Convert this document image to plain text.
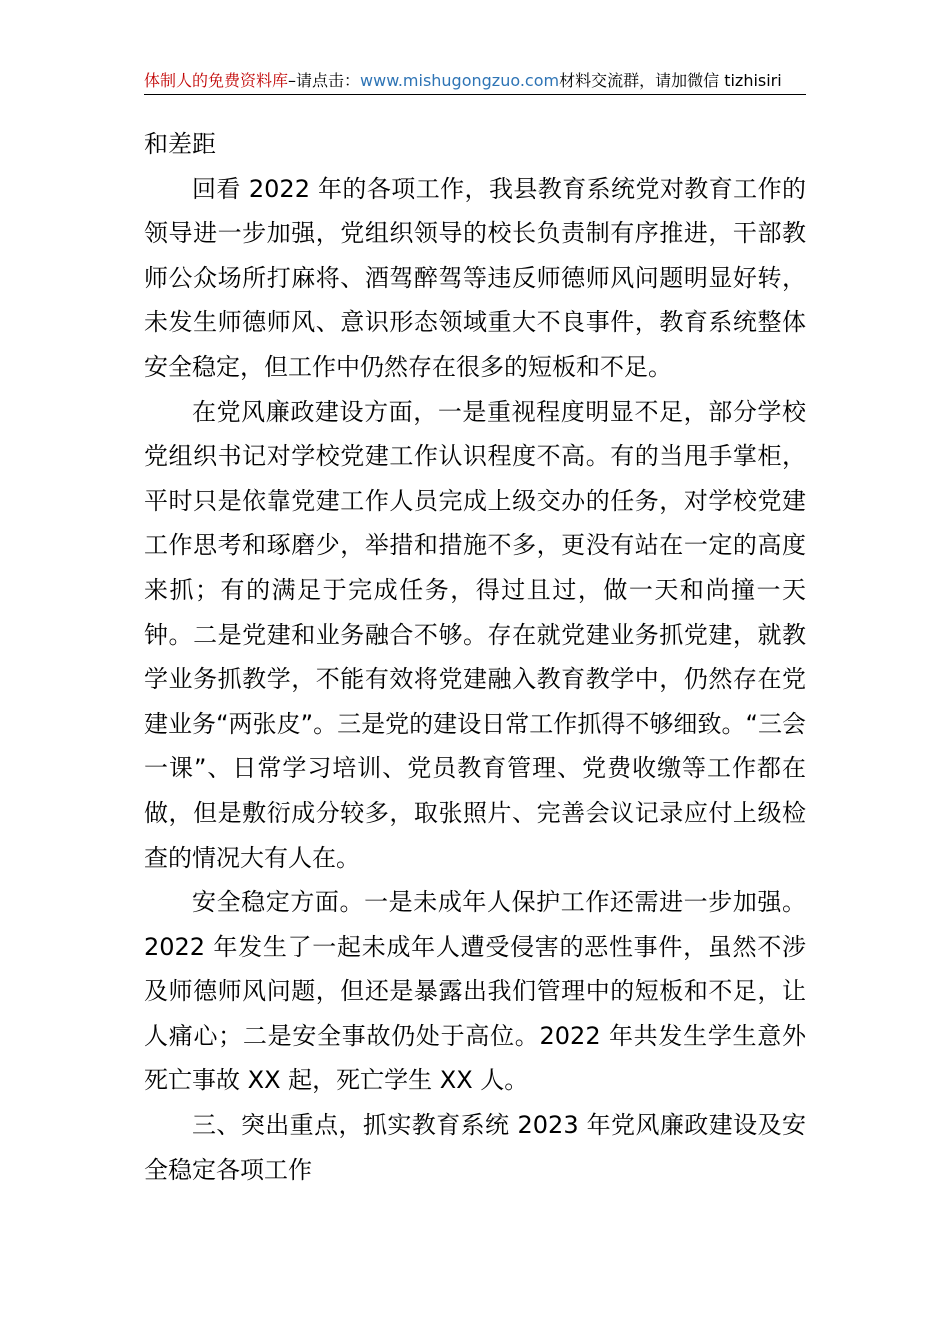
体制人的免费资料库–请点击：www.mishugongzuo.com材料交流群，请加微信 tizhisiri

和差距

回看 2022 年的各项工作，我县教育系统党对教育工作的领导进一步加强，党组织领导的校长负责制有序推进，干部教师公众场所打麻将、酒驾醉驾等违反师德师风问题明显好转，未发生师德师风、意识形态领域重大不良事件，教育系统整体安全稳定，但工作中仍然存在很多的短板和不足。

在党风廉政建设方面，一是重视程度明显不足，部分学校党组织书记对学校党建工作认识程度不高。有的当甩手掌柜，平时只是依靠党建工作人员完成上级交办的任务，对学校党建工作思考和琢磨少，举措和措施不多，更没有站在一定的高度来抓；有的满足于完成任务，得过且过，做一天和尚撞一天钟。二是党建和业务融合不够。存在就党建业务抓党建，就教学业务抓教学，不能有效将党建融入教育教学中，仍然存在党建业务“两张皮”。三是党的建设日常工作抓得不够细致。“三会一课”、日常学习培训、党员教育管理、党费收缴等工作都在做，但是敷衍成分较多，取张照片、完善会议记录应付上级检查的情况大有人在。

安全稳定方面。一是未成年人保护工作还需进一步加强。2022 年发生了一起未成年人遭受侵害的恶性事件，虽然不涉及师德师风问题，但还是暴露出我们管理中的短板和不足，让人痛心；二是安全事故仍处于高位。2022 年共发生学生意外死亡事故 XX 起，死亡学生 XX 人。

三、突出重点，抓实教育系统 2023 年党风廉政建设及安全稳定各项工作
